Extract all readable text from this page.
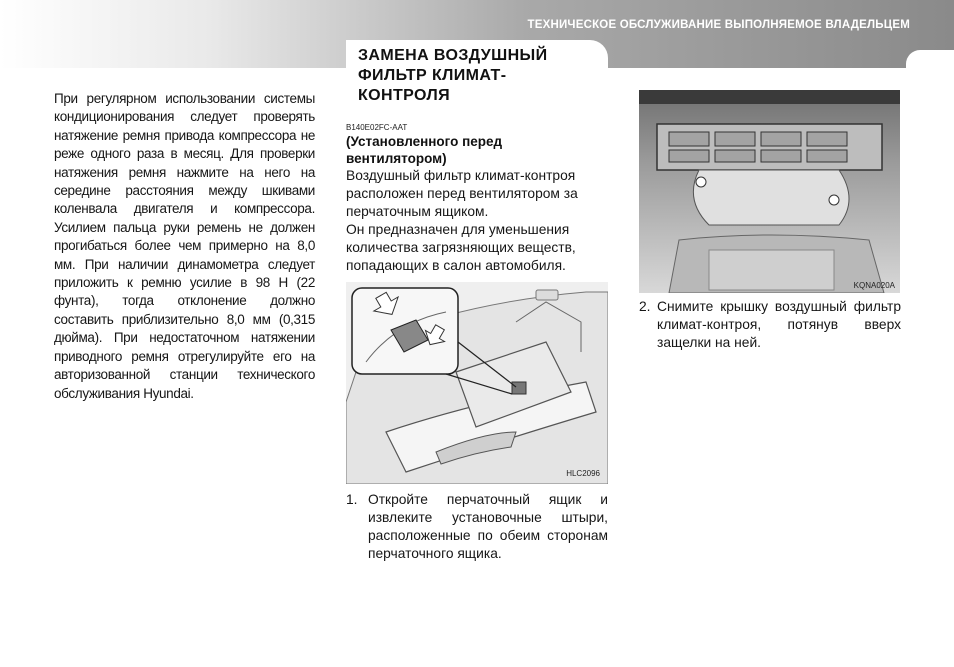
ТЕХНИЧЕСКОЕ ОБСЛУЖИВАНИЕ ВЫПОЛНЯЕМОЕ ВЛАДЕЛЬЦЕМ
ЗАМЕНА ВОЗДУШНЫЙ ФИЛЬТР КЛИМАТ-КОНТРОЛЯ
При регулярном использовании системы кондиционирования следует проверять натяжение ремня привода компрессора не реже одного раза в месяц. Для проверки натяжения ремня нажмите на него на середине расстояния между шкивами коленвала двигателя и компрессора. Усилием пальца руки ремень не должен прогибаться более чем примерно на 8,0 мм. При наличии динамометра следует приложить к ремню усилие в 98 Н (22 фунта), тогда отклонение должно составить приблизительно 8,0 мм (0,315 дюйма). При недостаточном натяжении приводного ремня отрегулируйте его на авторизованной станции технического обслуживания Hyundai.
B140E02FC-AAT
(Установленного перед вентилятором)

Воздушный фильтр климат-контроя расположен перед вентилятором за перчаточным ящиком.

Он предназначен для уменьшения количества загрязняющих веществ, попадающих в салон автомобиля.

HLC2096
1. Откройте перчаточный ящик и извлеките установочные штыри, расположенные по обеим сторонам перчаточного ящика.
KQNA020A
2. Снимите крышку воздушный фильтр климат-контроя, потянув вверх защелки на ней.
